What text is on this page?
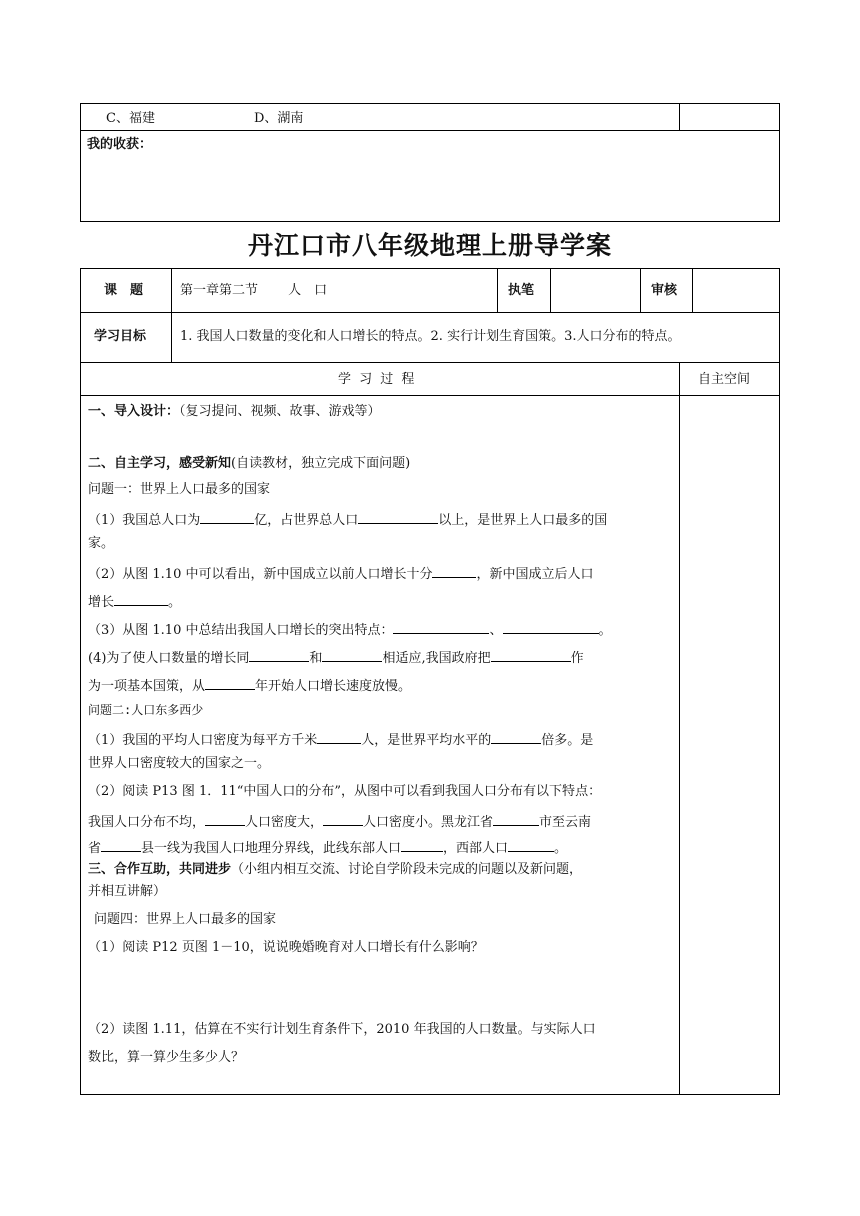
C、福建	D、湖南
我的收获：
丹江口市八年级地理上册导学案
课　题	第一章第二节　　 人　口	执笔	审核
学习目标	1. 我国人口数量的变化和人口增长的特点。2. 实行计划生育国策。3.人口分布的特点。
学 习 过 程	自主空间
一、导入设计：（复习提问、视频、故事、游戏等）
二、自主学习，感受新知(自读教材，独立完成下面问题)
问题一：世界上人口最多的国家
（1）我国总人口为	亿，占世界总人口	以上，是世界上人口最多的国
家。
（2）从图 1.10 中可以看出，新中国成立以前人口增长十分	，新中国成立后人口
增长	。
（3）从图 1.10 中总结出我国人口增长的突出特点：	、	。
(4)为了使人口数量的增长同	和	相适应,我国政府把	作
为一项基本国策，从	年开始人口增长速度放慢。
问题二:人口东多西少
（1）我国的平均人口密度为每平方千米	人，是世界平均水平的	倍多。是
世界人口密度较大的国家之一。
（2）阅读 P13 图 1．11“中国人口的分布”，从图中可以看到我国人口分布有以下特点：
我国人口分布不均，	人口密度大，	人口密度小。黑龙江省	市至云南
省	县一线为我国人口地理分界线，此线东部人口	，西部人口	。
三、合作互助，共同进步（小组内相互交流、讨论自学阶段未完成的问题以及新问题，
并相互讲解）
问题四：世界上人口最多的国家
（1）阅读 P12 页图 1－10，说说晚婚晚育对人口增长有什么影响？
（2）读图 1.11，估算在不实行计划生育条件下，2010 年我国的人口数量。与实际人口
数比，算一算少生多少人？
